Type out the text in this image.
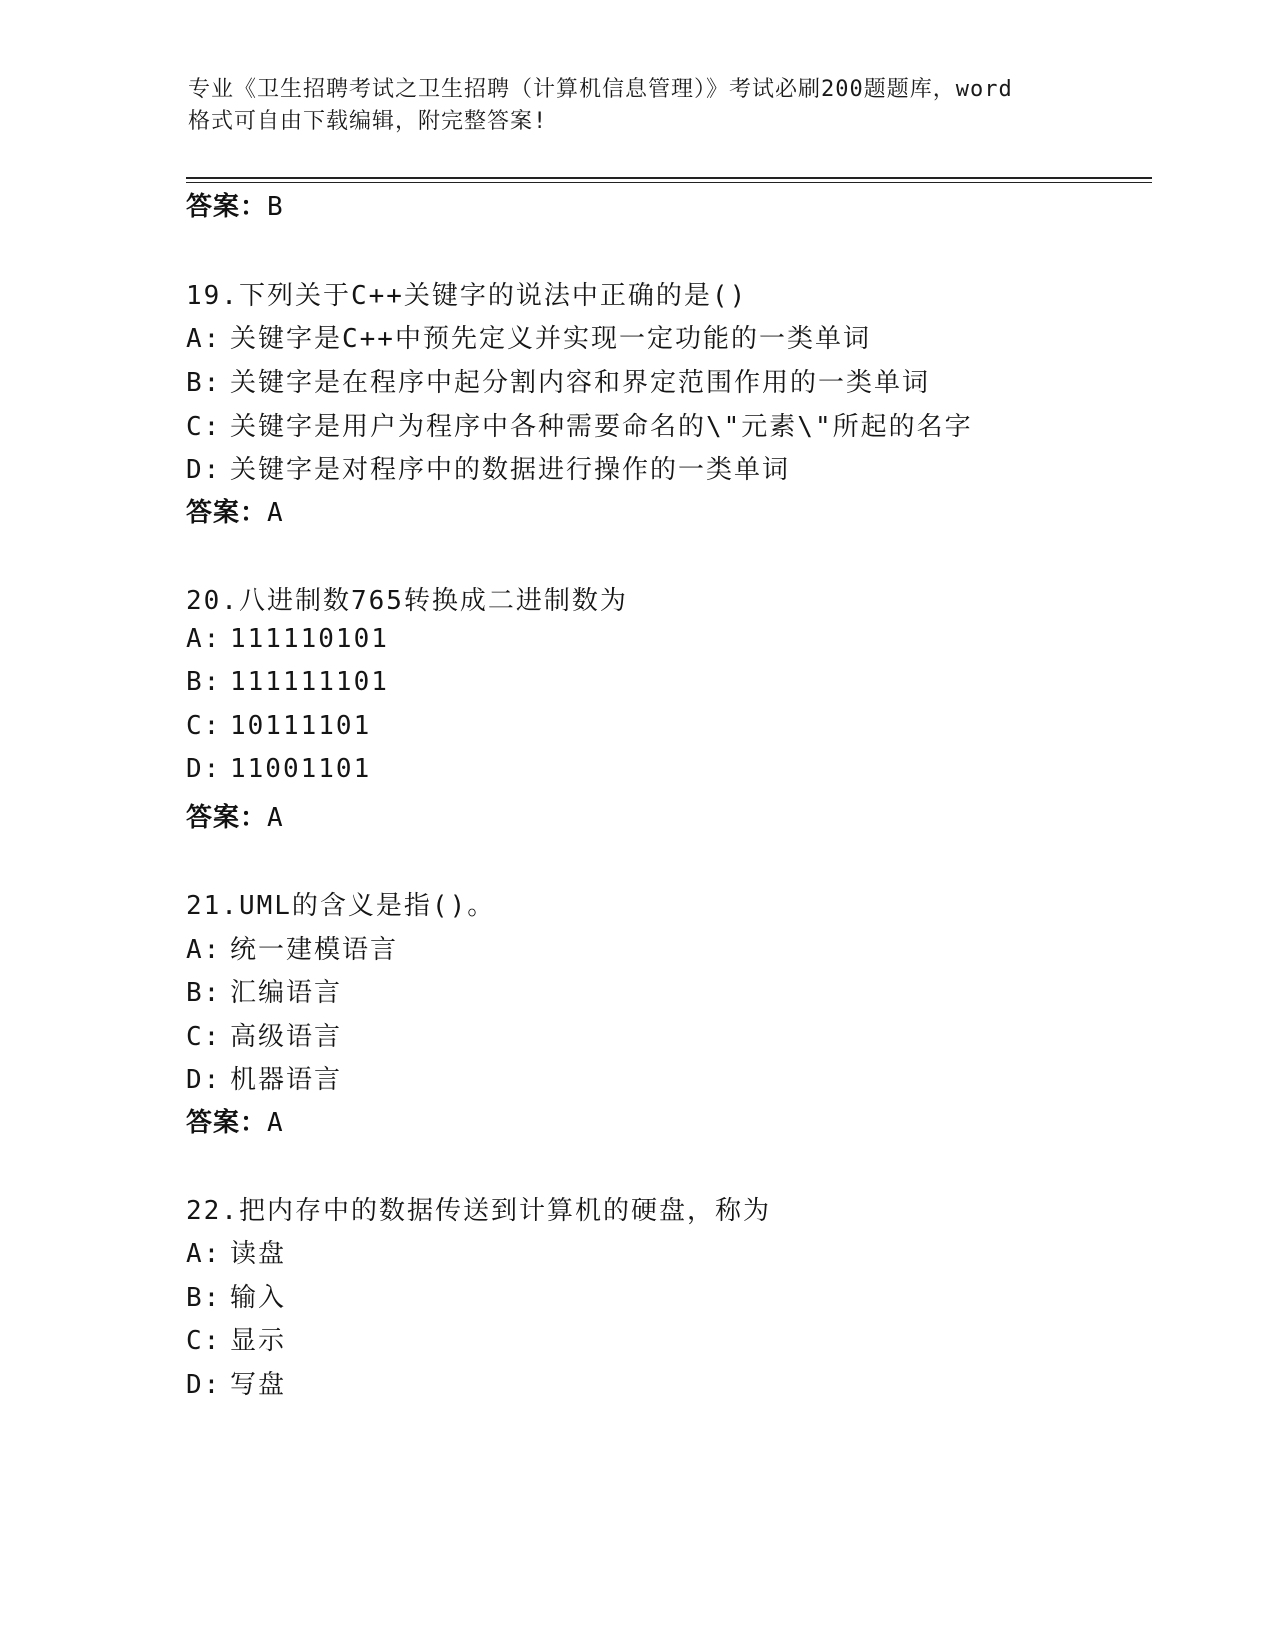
专业《卫生招聘考试之卫生招聘（计算机信息管理）》考试必刷200题题库，word
格式可自由下载编辑，附完整答案!
答案：B
19.下列关于C++关键字的说法中正确的是()
A: 关键字是C++中预先定义并实现一定功能的一类单词
B: 关键字是在程序中起分割内容和界定范围作用的一类单词
C: 关键字是用户为程序中各种需要命名的\"元素\"所起的名字
D: 关键字是对程序中的数据进行操作的一类单词
答案：A
20.八进制数765转换成二进制数为
A: 111110101
B: 111111101
C: 10111101
D: 11001101
答案：A
21.UML的含义是指()。
A: 统一建模语言
B: 汇编语言
C: 高级语言
D: 机器语言
答案：A
22.把内存中的数据传送到计算机的硬盘，称为
A: 读盘
B: 输入
C: 显示
D: 写盘
